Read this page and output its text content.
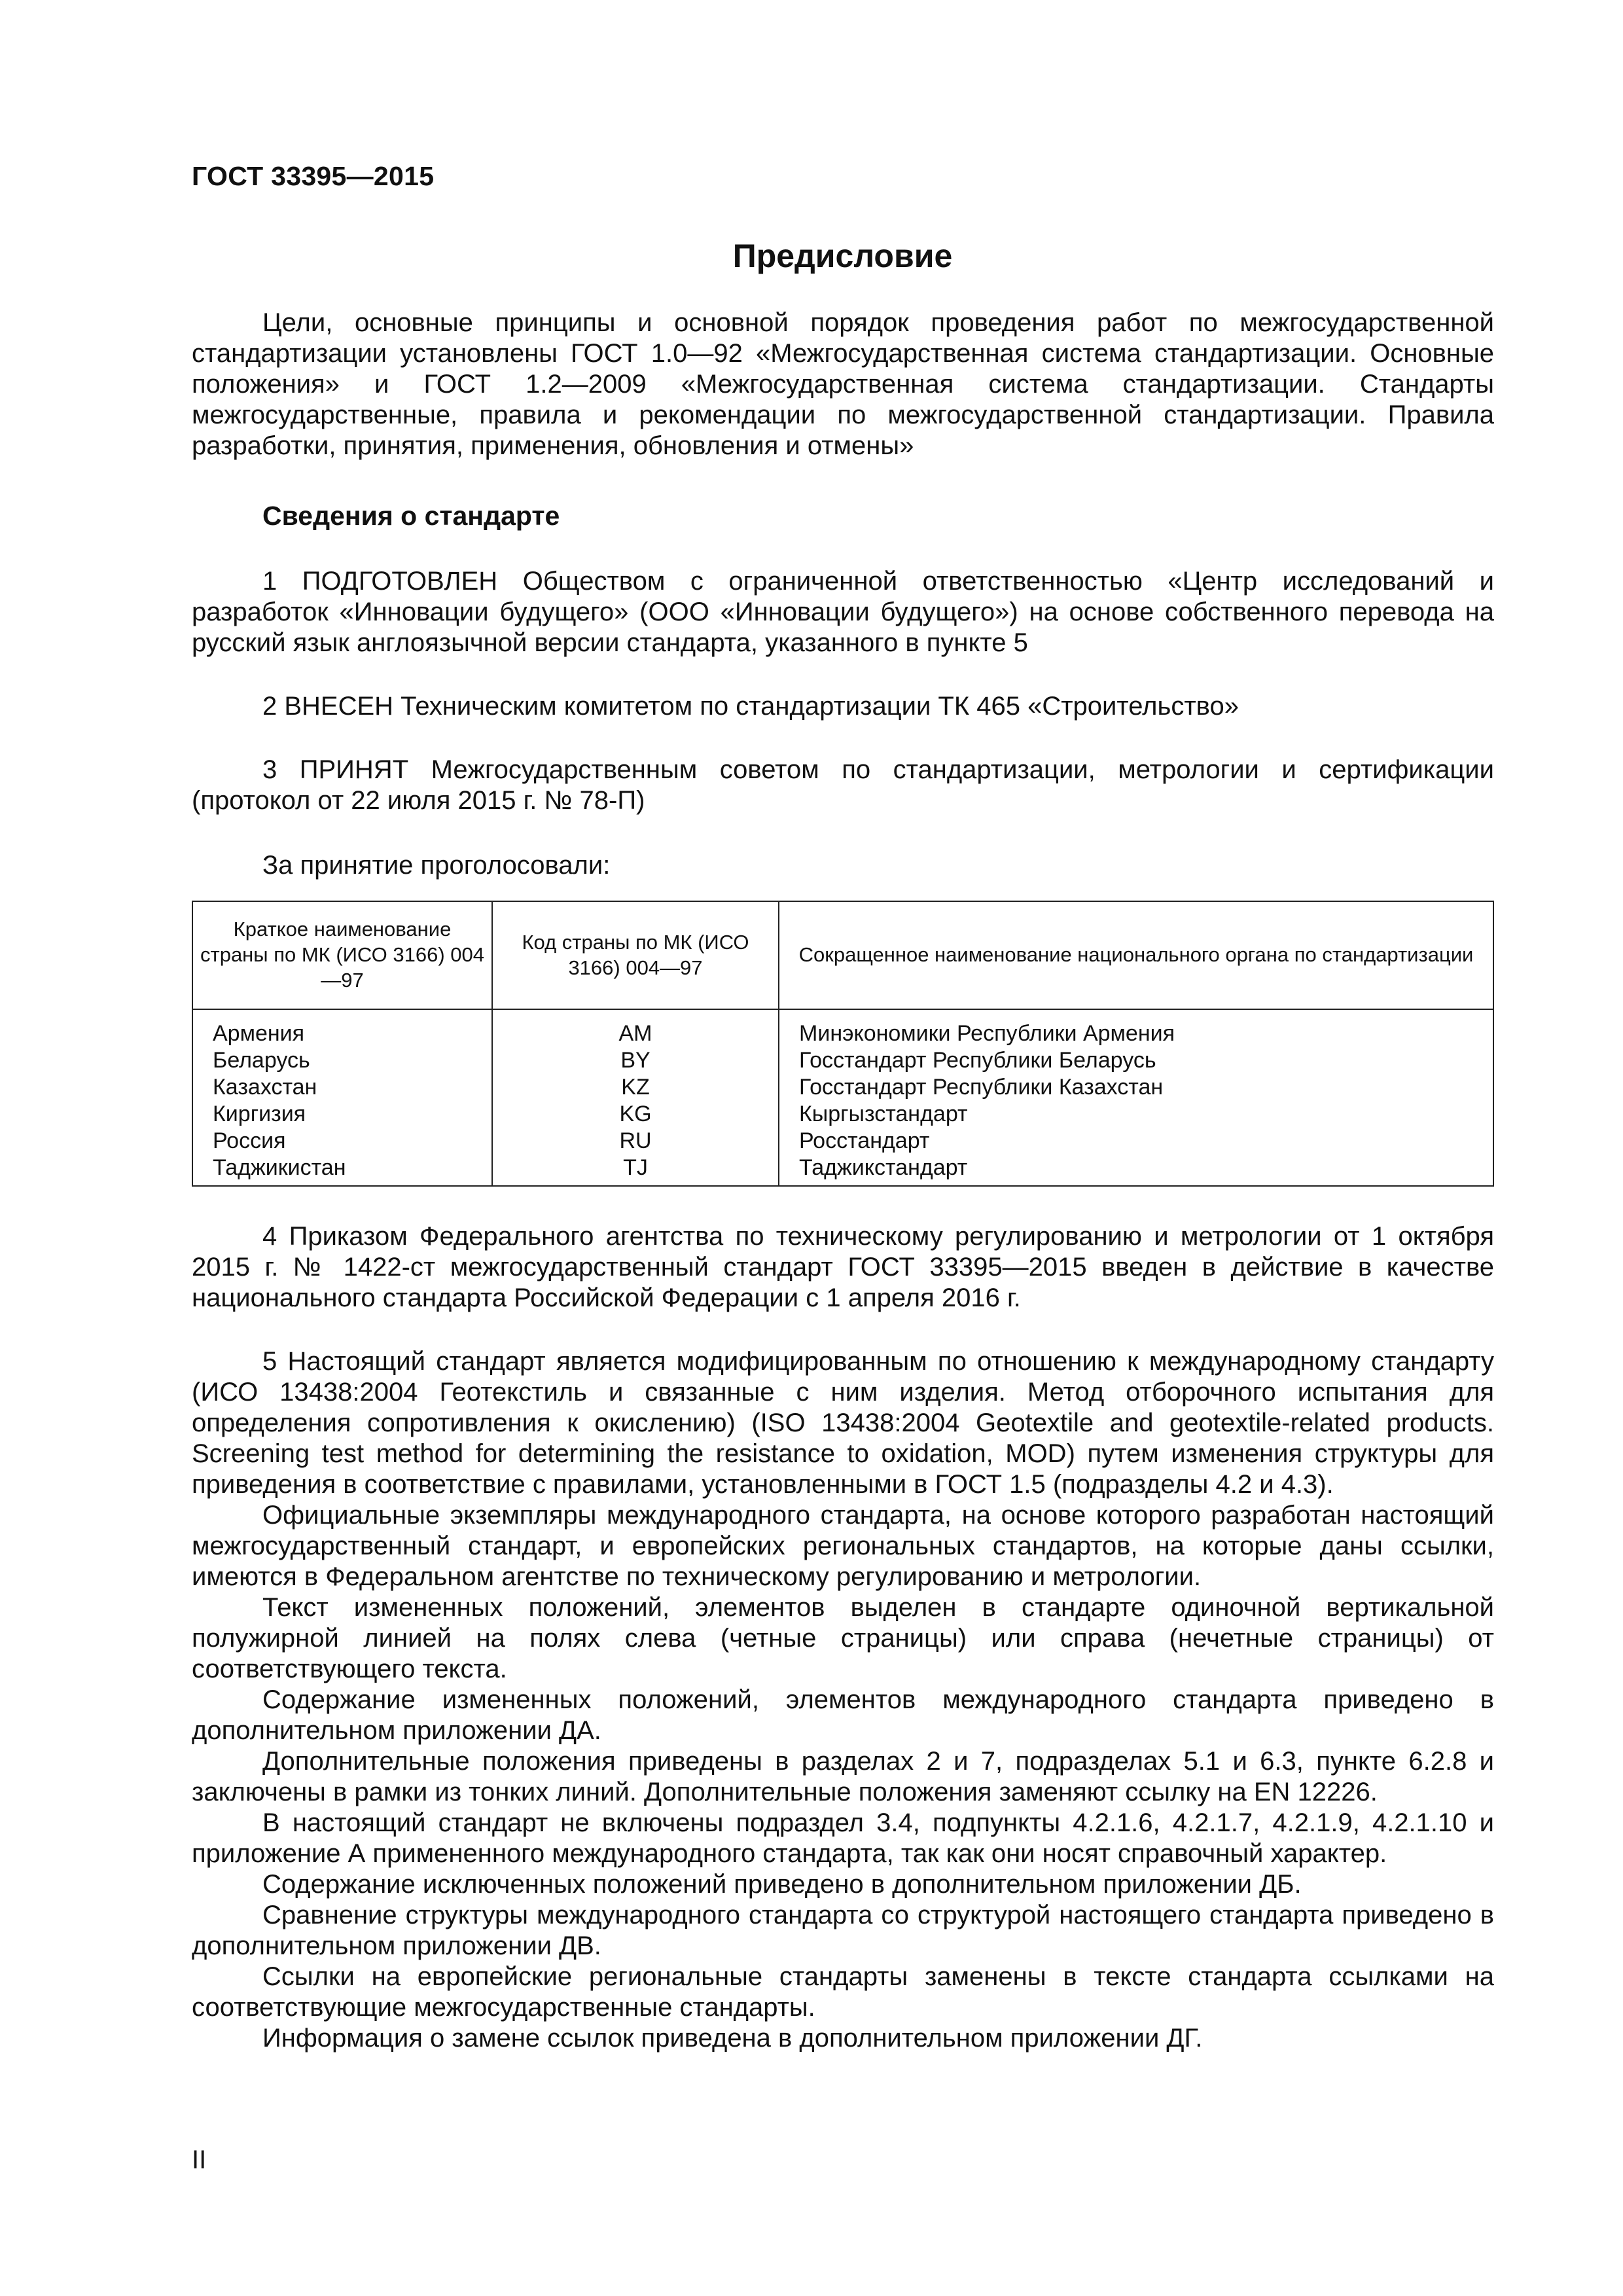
ГОСТ 33395—2015
Предисловие

Цели, основные принципы и основной порядок проведения работ по межгосударственной стандартизации установлены ГОСТ 1.0—92 «Межгосударственная система стандартизации. Основные положения» и ГОСТ 1.2—2009 «Межгосударственная система стандартизации. Стандарты межгосударственные, правила и рекомендации по межгосударственной стандартизации. Правила разработки, принятия, применения, обновления и отмены»

Сведения о стандарте

1 ПОДГОТОВЛЕН Обществом с ограниченной ответственностью «Центр исследований и разработок «Инновации будущего» (ООО «Инновации будущего») на основе собственного перевода на русский язык англоязычной версии стандарта, указанного в пункте 5

2 ВНЕСЕН Техническим комитетом по стандартизации ТК 465 «Строительство»

3 ПРИНЯТ Межгосударственным советом по стандартизации, метрологии и сертификации (протокол от 22 июля 2015 г. № 78-П)

За принятие проголосовали:

Краткое наименование страны по МК (ИСО 3166) 004—97	Код страны по МК (ИСО 3166) 004—97	Сокращенное наименование национального органа по стандартизации
Армения	AM	Минэкономики Республики Армения
Беларусь	BY	Госстандарт Республики Беларусь
Казахстан	KZ	Госстандарт Республики Казахстан
Киргизия	KG	Кыргызстандарт
Россия	RU	Росстандарт
Таджикистан	TJ	Таджикстандарт

4 Приказом Федерального агентства по техническому регулированию и метрологии от 1 октября 2015 г. № 1422-ст межгосударственный стандарт ГОСТ 33395—2015 введен в действие в качестве национального стандарта Российской Федерации с 1 апреля 2016 г.

5 Настоящий стандарт является модифицированным по отношению к международному стандарту (ИСО 13438:2004 Геотекстиль и связанные с ним изделия. Метод отборочного испытания для определения сопротивления к окислению) (ISO 13438:2004 Geotextile and geotextile-related products. Screening test method for determining the resistance to oxidation, MOD) путем изменения структуры для приведения в соответствие с правилами, установленными в ГОСТ 1.5 (подразделы 4.2 и 4.3).

Официальные экземпляры международного стандарта, на основе которого разработан настоящий межгосударственный стандарт, и европейских региональных стандартов, на которые даны ссылки, имеются в Федеральном агентстве по техническому регулированию и метрологии.

Текст измененных положений, элементов выделен в стандарте одиночной вертикальной полужирной линией на полях слева (четные страницы) или справа (нечетные страницы) от соответствующего текста.

Содержание измененных положений, элементов международного стандарта приведено в дополнительном приложении ДА.

Дополнительные положения приведены в разделах 2 и 7, подразделах 5.1 и 6.3, пункте 6.2.8 и заключены в рамки из тонких линий. Дополнительные положения заменяют ссылку на EN 12226.

В настоящий стандарт не включены подраздел 3.4, подпункты 4.2.1.6, 4.2.1.7, 4.2.1.9, 4.2.1.10 и приложение А примененного международного стандарта, так как они носят справочный характер.

Содержание исключенных положений приведено в дополнительном приложении ДБ.

Сравнение структуры международного стандарта со структурой настоящего стандарта приведено в дополнительном приложении ДВ.

Ссылки на европейские региональные стандарты заменены в тексте стандарта ссылками на соответствующие межгосударственные стандарты.

Информация о замене ссылок приведена в дополнительном приложении ДГ.

II
